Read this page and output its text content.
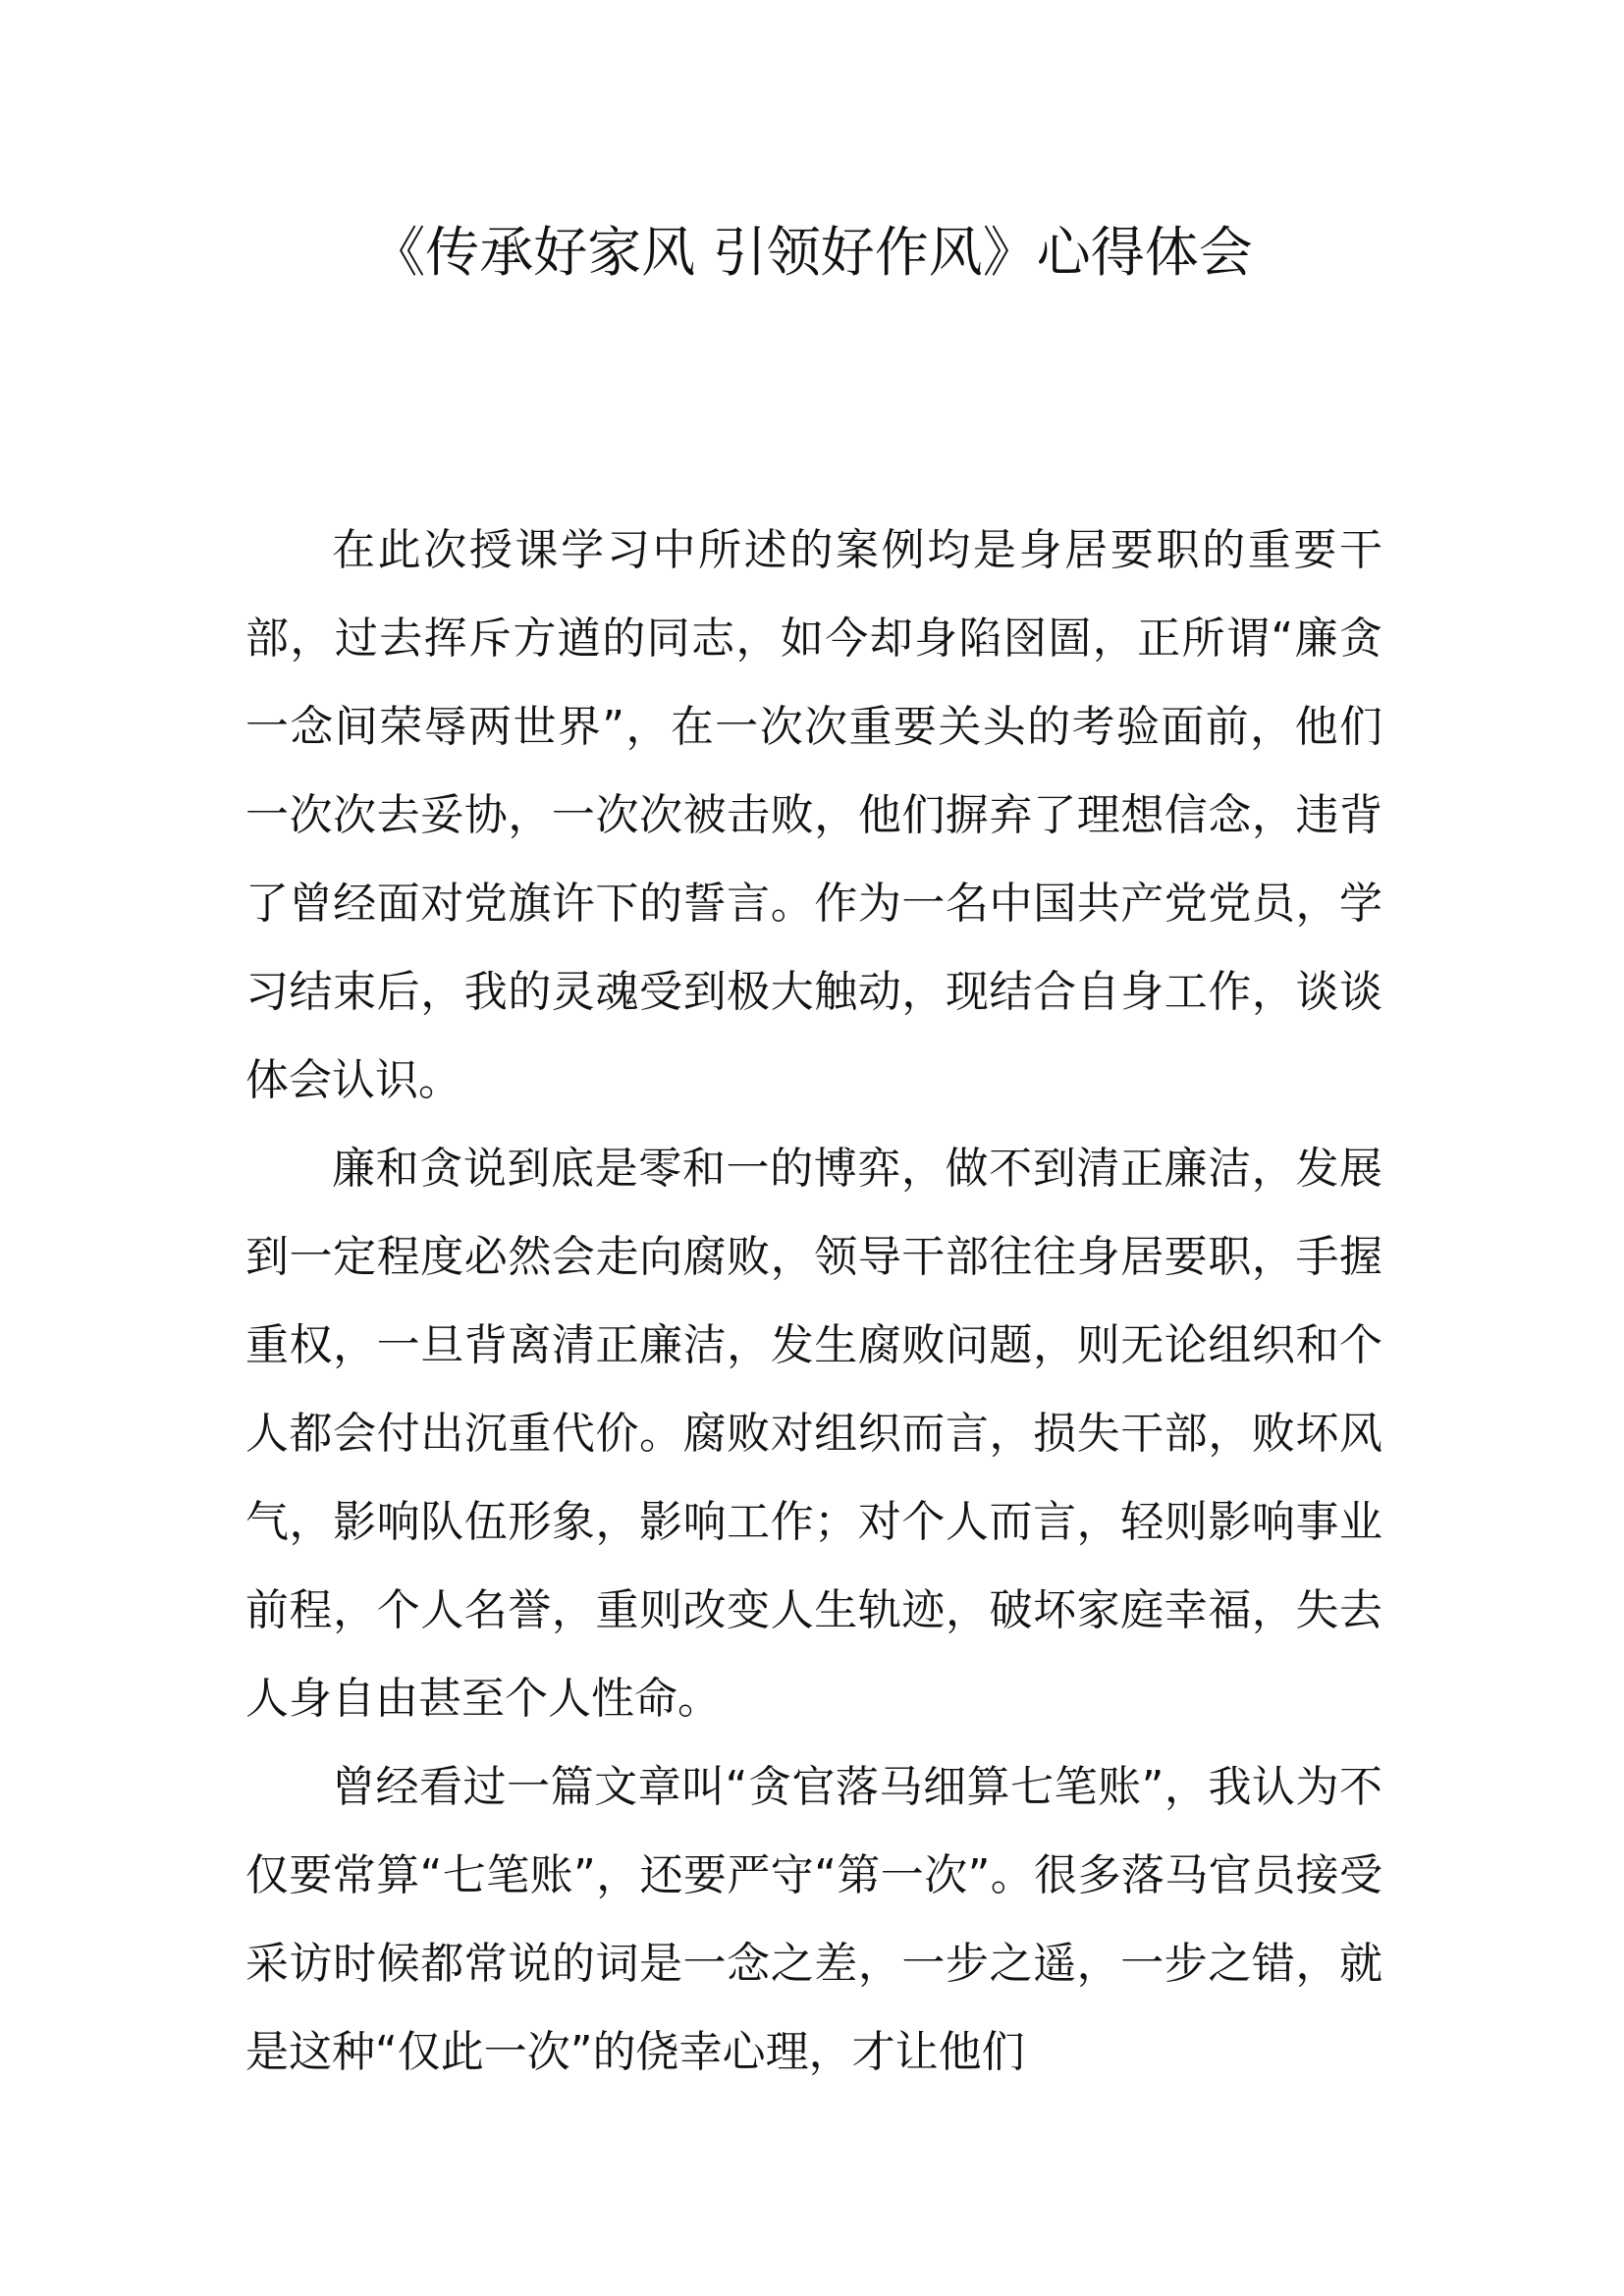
《传承好家风 引领好作风》心得体会

在此次授课学习中所述的案例均是身居要职的重要干部，过去挥斥方遒的同志，如今却身陷囹圄，正所谓“廉贪一念间荣辱两世界”，在一次次重要关头的考验面前，他们一次次去妥协，一次次被击败，他们摒弃了理想信念，违背了曾经面对党旗许下的誓言。作为一名中国共产党党员，学习结束后，我的灵魂受到极大触动，现结合自身工作，谈谈体会认识。

廉和贪说到底是零和一的博弈，做不到清正廉洁，发展到一定程度必然会走向腐败，领导干部往往身居要职，手握重权，一旦背离清正廉洁，发生腐败问题，则无论组织和个人都会付出沉重代价。腐败对组织而言，损失干部，败坏风气，影响队伍形象，影响工作；对个人而言，轻则影响事业前程，个人名誉，重则改变人生轨迹，破坏家庭幸福，失去人身自由甚至个人性命。

曾经看过一篇文章叫“贪官落马细算七笔账”，我认为不仅要常算“七笔账”，还要严守“第一次”。很多落马官员接受采访时候都常说的词是一念之差，一步之遥，一步之错，就是这种“仅此一次”的侥幸心理，才让他们
